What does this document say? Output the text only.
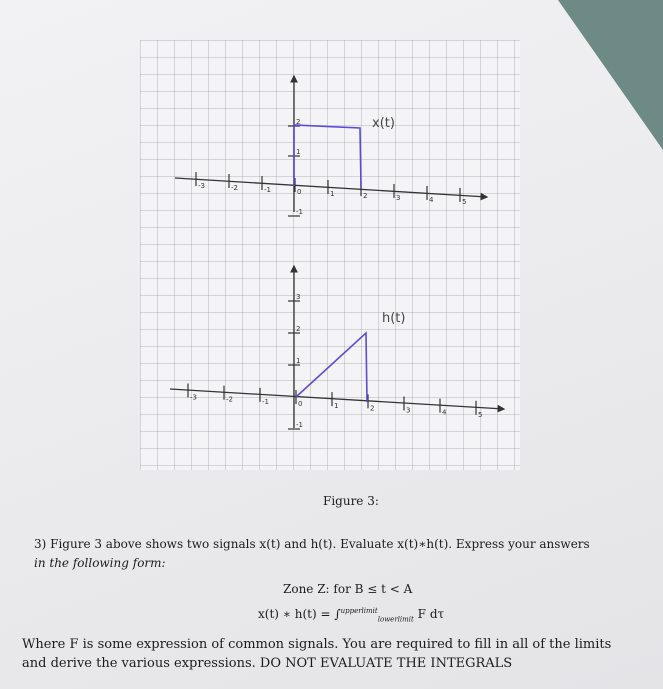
-3	-2	-1	0	1	2	3	4	5
1
2
-1
x(t)
-3	-2	-1	0	1	2	3	4	5
1
2
3
-1
h(t)
Figure 3:
3) Figure 3 above shows two signals x(t) and h(t). Evaluate x(t)∗h(t). Express your answers
in the following form:
Zone Z: for B ≤ t < A
x(t) ∗ h(t) = ∫$^{upperlimit}_{lowerlimit}$ F dτ
Where F is some expression of common signals. You are required to fill in all of the limits
and derive the various expressions. DO NOT EVALUATE THE INTEGRALS
